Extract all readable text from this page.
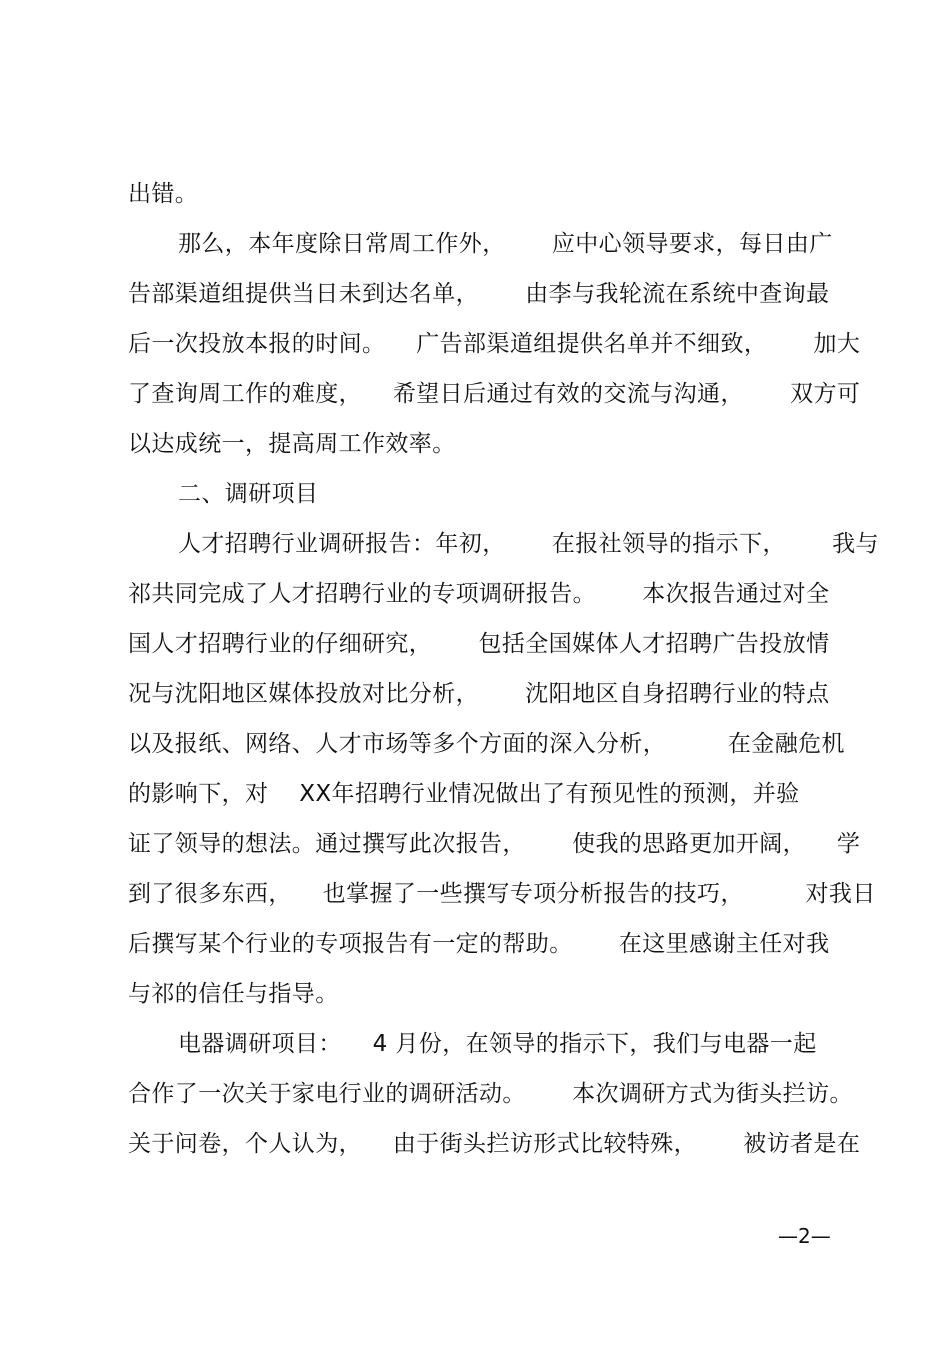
出错。
那么，本年度除日常周工作外，      应中心领导要求，每日由广
告部渠道组提供当日未到达名单，      由李与我轮流在系统中查询最
后一次投放本报的时间。    广告部渠道组提供名单并不细致，      加大
了查询周工作的难度，    希望日后通过有效的交流与沟通，      双方可
以达成统一，提高周工作效率。
二、调研项目
人才招聘行业调研报告：年初，      在报社领导的指示下，      我与
祁共同完成了人才招聘行业的专项调研报告。      本次报告通过对全
国人才招聘行业的仔细研究，      包括全国媒体人才招聘广告投放情
况与沈阳地区媒体投放对比分析，      沈阳地区自身招聘行业的特点
以及报纸、网络、人才市场等多个方面的深入分析，        在金融危机
的影响下，对    XX年招聘行业情况做出了有预见性的预测，并验
证了领导的想法。通过撰写此次报告，      使我的思路更加开阔，    学
到了很多东西，    也掌握了一些撰写专项分析报告的技巧，        对我日
后撰写某个行业的专项报告有一定的帮助。      在这里感谢主任对我
与祁的信任与指导。
电器调研项目：    4 月份，在领导的指示下，我们与电器一起
合作了一次关于家电行业的调研活动。      本次调研方式为街头拦访。
关于问卷，个人认为，    由于街头拦访形式比较特殊，      被访者是在
—2—
